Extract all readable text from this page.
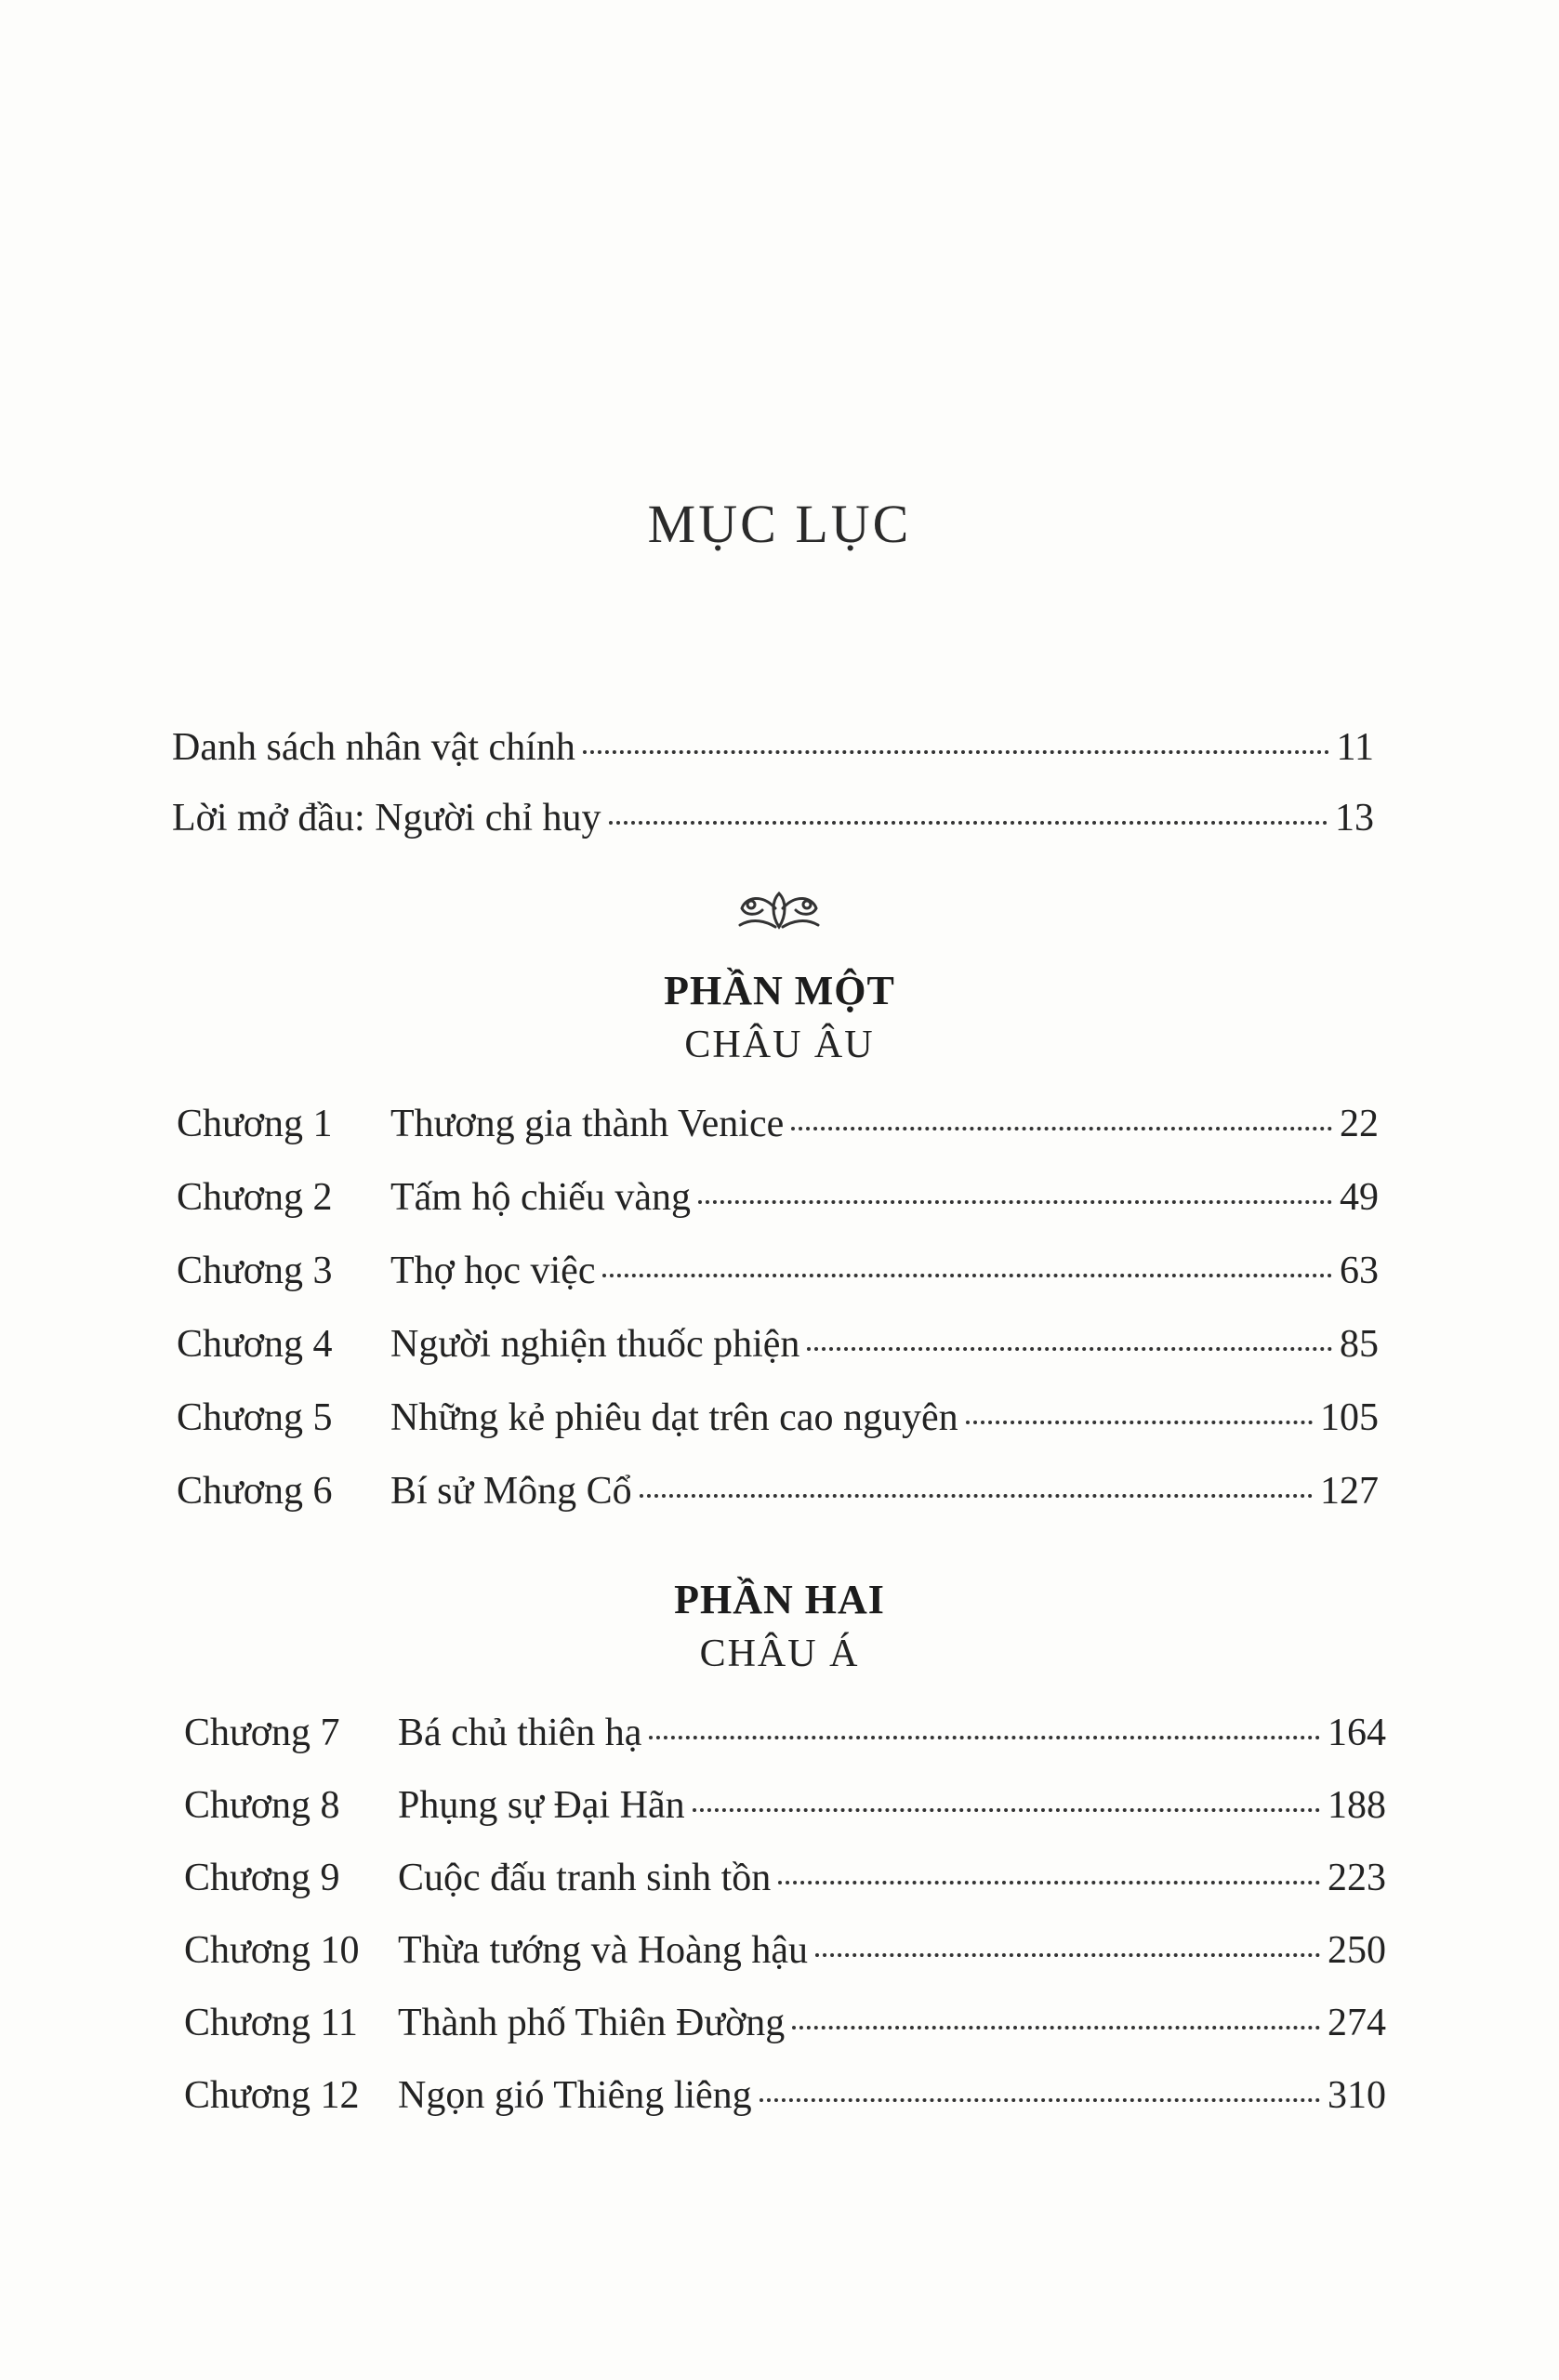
MỤC LỤC
Danh sách nhân vật chính	11
Lời mở đầu: Người chỉ huy	13
PHẦN MỘT
CHÂU ÂU
Chương 1	Thương gia thành Venice	22
Chương 2	Tấm hộ chiếu vàng	49
Chương 3	Thợ học việc	63
Chương 4	Người nghiện thuốc phiện	85
Chương 5	Những kẻ phiêu dạt trên cao nguyên	105
Chương 6	Bí sử Mông Cổ	127
PHẦN HAI
CHÂU Á
Chương 7	Bá chủ thiên hạ	164
Chương 8	Phụng sự Đại Hãn	188
Chương 9	Cuộc đấu tranh sinh tồn	223
Chương 10 Thừa tướng và Hoàng hậu	250
Chương 11	Thành phố Thiên Đường	274
Chương 12 Ngọn gió Thiêng liêng	310
